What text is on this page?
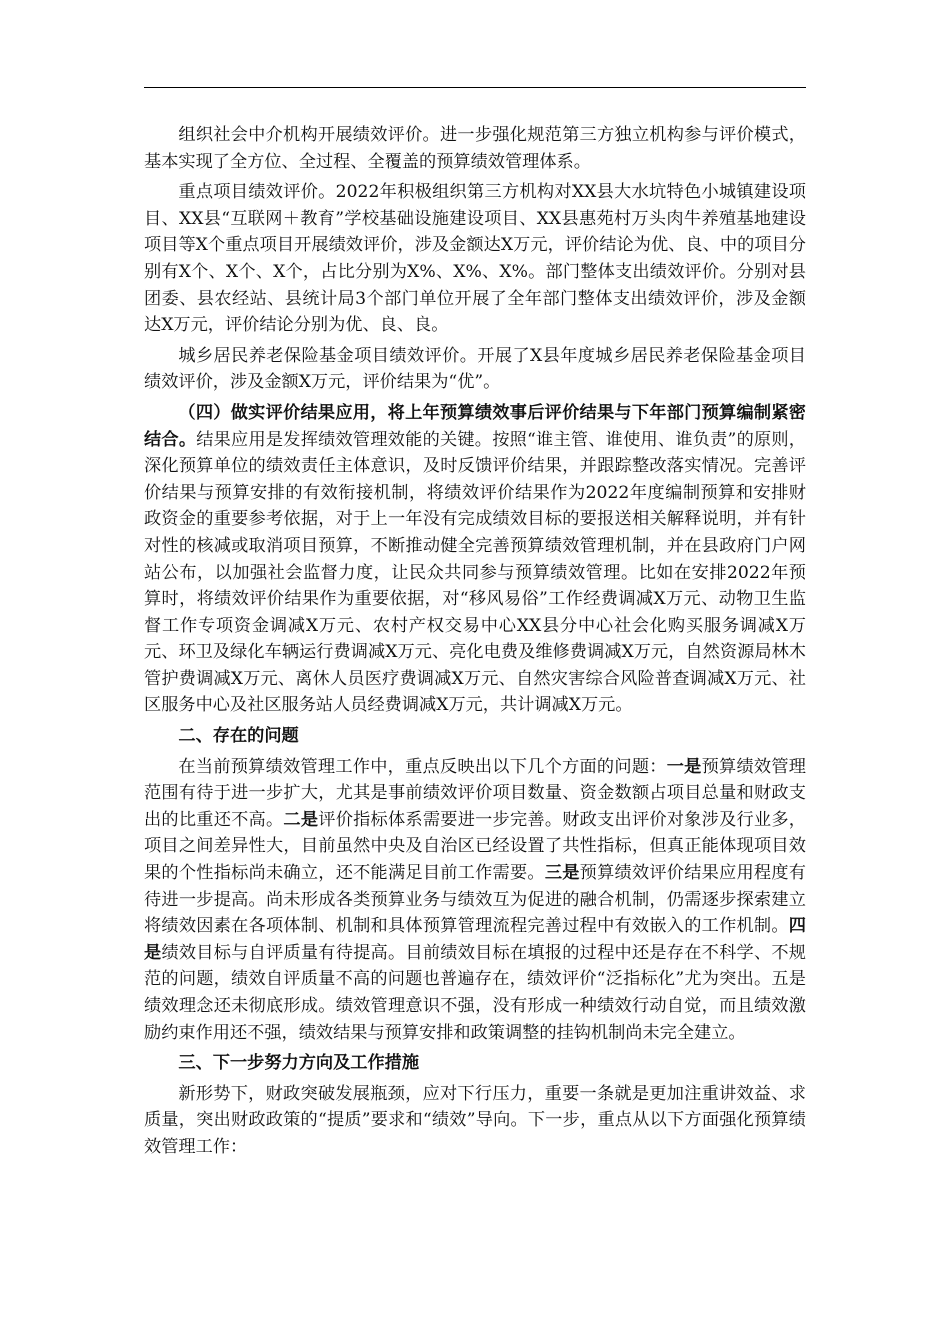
组织社会中介机构开展绩效评价。进一步强化规范第三方独立机构参与评价模式，基本实现了全方位、全过程、全覆盖的预算绩效管理体系。

重点项目绩效评价。2022年积极组织第三方机构对XX县大水坑特色小城镇建设项目、XX县“互联网＋教育”学校基础设施建设项目、XX县惠苑村万头肉牛养殖基地建设项目等X个重点项目开展绩效评价，涉及金额达X万元，评价结论为优、良、中的项目分别有X个、X个、X个，占比分别为X%、X%、X%。部门整体支出绩效评价。分别对县团委、县农经站、县统计局3个部门单位开展了全年部门整体支出绩效评价，涉及金额达X万元，评价结论分别为优、良、良。

城乡居民养老保险基金项目绩效评价。开展了X县年度城乡居民养老保险基金项目绩效评价，涉及金额X万元，评价结果为“优”。

（四）做实评价结果应用，将上年预算绩效事后评价结果与下年部门预算编制紧密结合。结果应用是发挥绩效管理效能的关键。按照“谁主管、谁使用、谁负责”的原则，深化预算单位的绩效责任主体意识，及时反馈评价结果，并跟踪整改落实情况。完善评价结果与预算安排的有效衔接机制，将绩效评价结果作为2022年度编制预算和安排财政资金的重要参考依据，对于上一年没有完成绩效目标的要报送相关解释说明，并有针对性的核减或取消项目预算，不断推动健全完善预算绩效管理机制，并在县政府门户网站公布，以加强社会监督力度，让民众共同参与预算绩效管理。比如在安排2022年预算时，将绩效评价结果作为重要依据，对“移风易俗”工作经费调减X万元、动物卫生监督工作专项资金调减X万元、农村产权交易中心XX县分中心社会化购买服务调减X万元、环卫及绿化车辆运行费调减X万元、亮化电费及维修费调减X万元，自然资源局林木管护费调减X万元、离休人员医疗费调减X万元、自然灾害综合风险普查调减X万元、社区服务中心及社区服务站人员经费调减X万元，共计调减X万元。

二、存在的问题

在当前预算绩效管理工作中，重点反映出以下几个方面的问题：一是预算绩效管理范围有待于进一步扩大，尤其是事前绩效评价项目数量、资金数额占项目总量和财政支出的比重还不高。二是评价指标体系需要进一步完善。财政支出评价对象涉及行业多，项目之间差异性大，目前虽然中央及自治区已经设置了共性指标，但真正能体现项目效果的个性指标尚未确立，还不能满足目前工作需要。三是预算绩效评价结果应用程度有待进一步提高。尚未形成各类预算业务与绩效互为促进的融合机制，仍需逐步探索建立将绩效因素在各项体制、机制和具体预算管理流程完善过程中有效嵌入的工作机制。四是绩效目标与自评质量有待提高。目前绩效目标在填报的过程中还是存在不科学、不规范的问题，绩效自评质量不高的问题也普遍存在，绩效评价“泛指标化”尤为突出。五是绩效理念还未彻底形成。绩效管理意识不强，没有形成一种绩效行动自觉，而且绩效激励约束作用还不强，绩效结果与预算安排和政策调整的挂钩机制尚未完全建立。

三、下一步努力方向及工作措施

新形势下，财政突破发展瓶颈，应对下行压力，重要一条就是更加注重讲效益、求质量，突出财政政策的“提质”要求和“绩效”导向。下一步，重点从以下方面强化预算绩效管理工作：
